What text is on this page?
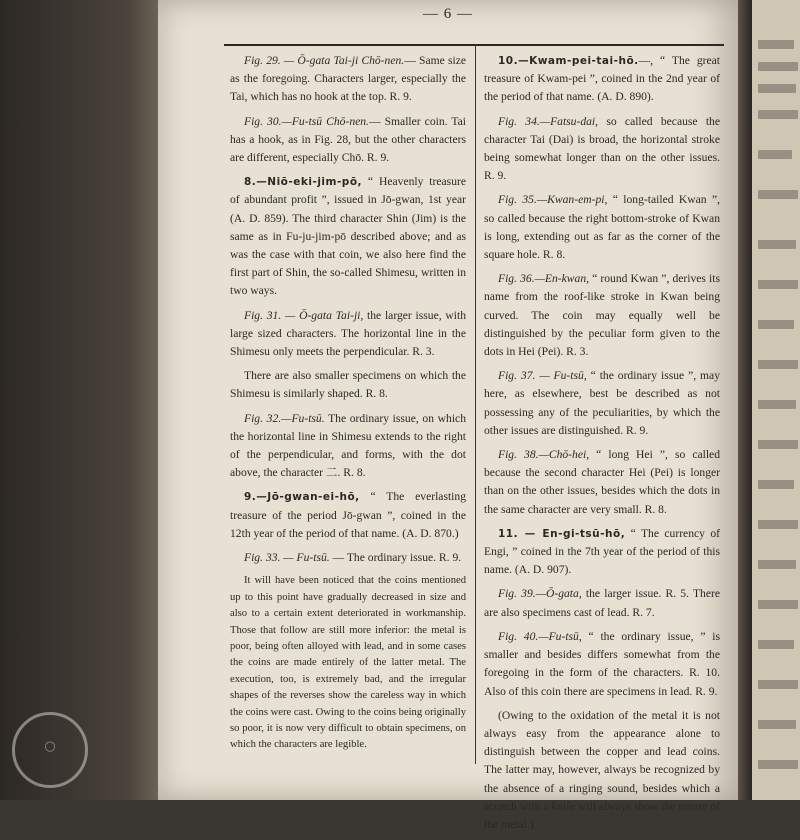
— 6 —

Fig. 29. — Ō-gata Tai-ji Chō-nen.— Same size as the foregoing. Characters larger, especially the Tai, which has no hook at the top. R. 9.

Fig. 30.—Fu-tsū Chō-nen.— Smaller coin. Tai has a hook, as in Fig. 28, but the other characters are different, especially Chō. R. 9.

8.—Niō-eki-jim-pō, “ Heavenly treasure of abundant profit ”, issued in Jō-gwan, 1st year (A. D. 859). The third character Shin (Jim) is the same as in Fu-ju-jim-pō described above; and as was the case with that coin, we also here find the first part of Shin, the so-called Shimesu, written in two ways.

Fig. 31. — Ō-gata Tai-ji, the larger issue, with large sized characters. The horizontal line in the Shimesu only meets the perpendicular. R. 3.

There are also smaller specimens on which the Shimesu is similarly shaped. R. 8.

Fig. 32.—Fu-tsū. The ordinary issue, on which the horizontal line in Shimesu extends to the right of the perpendicular, and forms, with the dot above, the character 二. R. 8.

9.—Jō-gwan-ei-hō, “ The everlasting treasure of the period Jō-gwan ”, coined in the 12th year of the period of that name. (A. D. 870.)

Fig. 33. — Fu-tsū. — The ordinary issue. R. 9.

It will have been noticed that the coins mentioned up to this point have gradually decreased in size and also to a certain extent deteriorated in workmanship. Those that follow are still more inferior: the metal is poor, being often alloyed with lead, and in some cases the coins are made entirely of the latter metal. The execution, too, is extremely bad, and the irregular shapes of the reverses show the careless way in which the coins were cast. Owing to the coins being originally so poor, it is now very difficult to obtain specimens, on which the characters are legible.

10.—Kwam-pei-tai-hō.—, “ The great treasure of Kwam-pei ”, coined in the 2nd year of the period of that name. (A. D. 890).

Fig. 34.—Fatsu-dai, so called because the character Tai (Dai) is broad, the horizontal stroke being somewhat longer than on the other issues. R. 9.

Fig. 35.—Kwan-em-pi, “ long-tailed Kwan ”, so called because the right bottom-stroke of Kwan is long, extending out as far as the corner of the square hole. R. 8.

Fig. 36.—En-kwan, “ round Kwan ”, derives its name from the roof-like stroke in Kwan being curved. The coin may equally well be distinguished by the peculiar form given to the dots in Hei (Pei). R. 3.

Fig. 37. — Fu-tsū, “ the ordinary issue ”, may here, as elsewhere, best be described as not possessing any of the peculiarities, by which the other issues are distinguished. R. 9.

Fig. 38.—Chō-hei, “ long Hei ”, so called because the second character Hei (Pei) is longer than on the other issues, besides which the dots in the same character are very small. R. 8.

11. — En-gi-tsū-hō, “ The currency of Engi, ” coined in the 7th year of the period of this name. (A. D. 907).

Fig. 39.—Ō-gata, the larger issue. R. 5. There are also specimens cast of lead. R. 7.

Fig. 40.—Fu-tsū, “ the ordinary issue, ” is smaller and besides differs somewhat from the foregoing in the form of the characters. R. 10. Also of this coin there are specimens in lead. R. 9.

(Owing to the oxidation of the metal it is not always easy from the appearance alone to distinguish between the copper and lead coins. The latter may, however, always be recognized by the absence of a ringing sound, besides which a scratch with a knife will always show the nature of the metal.)

○
